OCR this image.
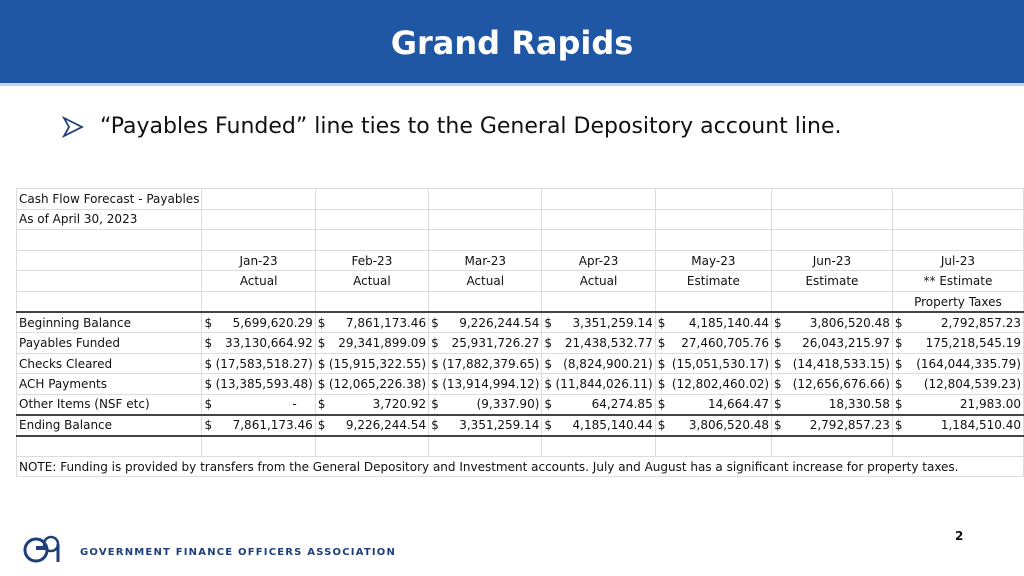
Grand Rapids
“Payables Funded” line ties to the General Depository account line.
Cash Flow Forecast - Payables							
As of April 30, 2023							

	Jan-23	Feb-23	Mar-23	Apr-23	May-23	Jun-23	Jul-23
	Actual	Actual	Actual	Actual	Estimate	Estimate	** Estimate
							Property Taxes
Beginning Balance	$ 5,699,620.29	$ 7,861,173.46	$ 9,226,244.54	$ 3,351,259.14	$ 4,185,140.44	$ 3,806,520.48	$ 2,792,857.23
Payables Funded	$ 33,130,664.92	$ 29,341,899.09	$ 25,931,726.27	$ 21,438,532.77	$ 27,460,705.76	$ 26,043,215.97	$ 175,218,545.19
Checks Cleared	$ (17,583,518.27)	$ (15,915,322.55)	$ (17,882,379.65)	$ (8,824,900.21)	$ (15,051,530.17)	$ (14,418,533.15)	$ (164,044,335.79)
ACH Payments	$ (13,385,593.48)	$ (12,065,226.38)	$ (13,914,994.12)	$ (11,844,026.11)	$ (12,802,460.02)	$ (12,656,676.66)	$ (12,804,539.23)
Other Items (NSF etc)	$ -	$ 3,720.92	$ (9,337.90)	$ 64,274.85	$ 14,664.47	$ 18,330.58	$ 21,983.00
Ending Balance	$ 7,861,173.46	$ 9,226,244.54	$ 3,351,259.14	$ 4,185,140.44	$ 3,806,520.48	$ 2,792,857.23	$ 1,184,510.40

NOTE: Funding is provided by transfers from the General Depository and Investment accounts. July and August has a significant increase for property taxes.							
GOVERNMENT FINANCE OFFICERS ASSOCIATION
2
